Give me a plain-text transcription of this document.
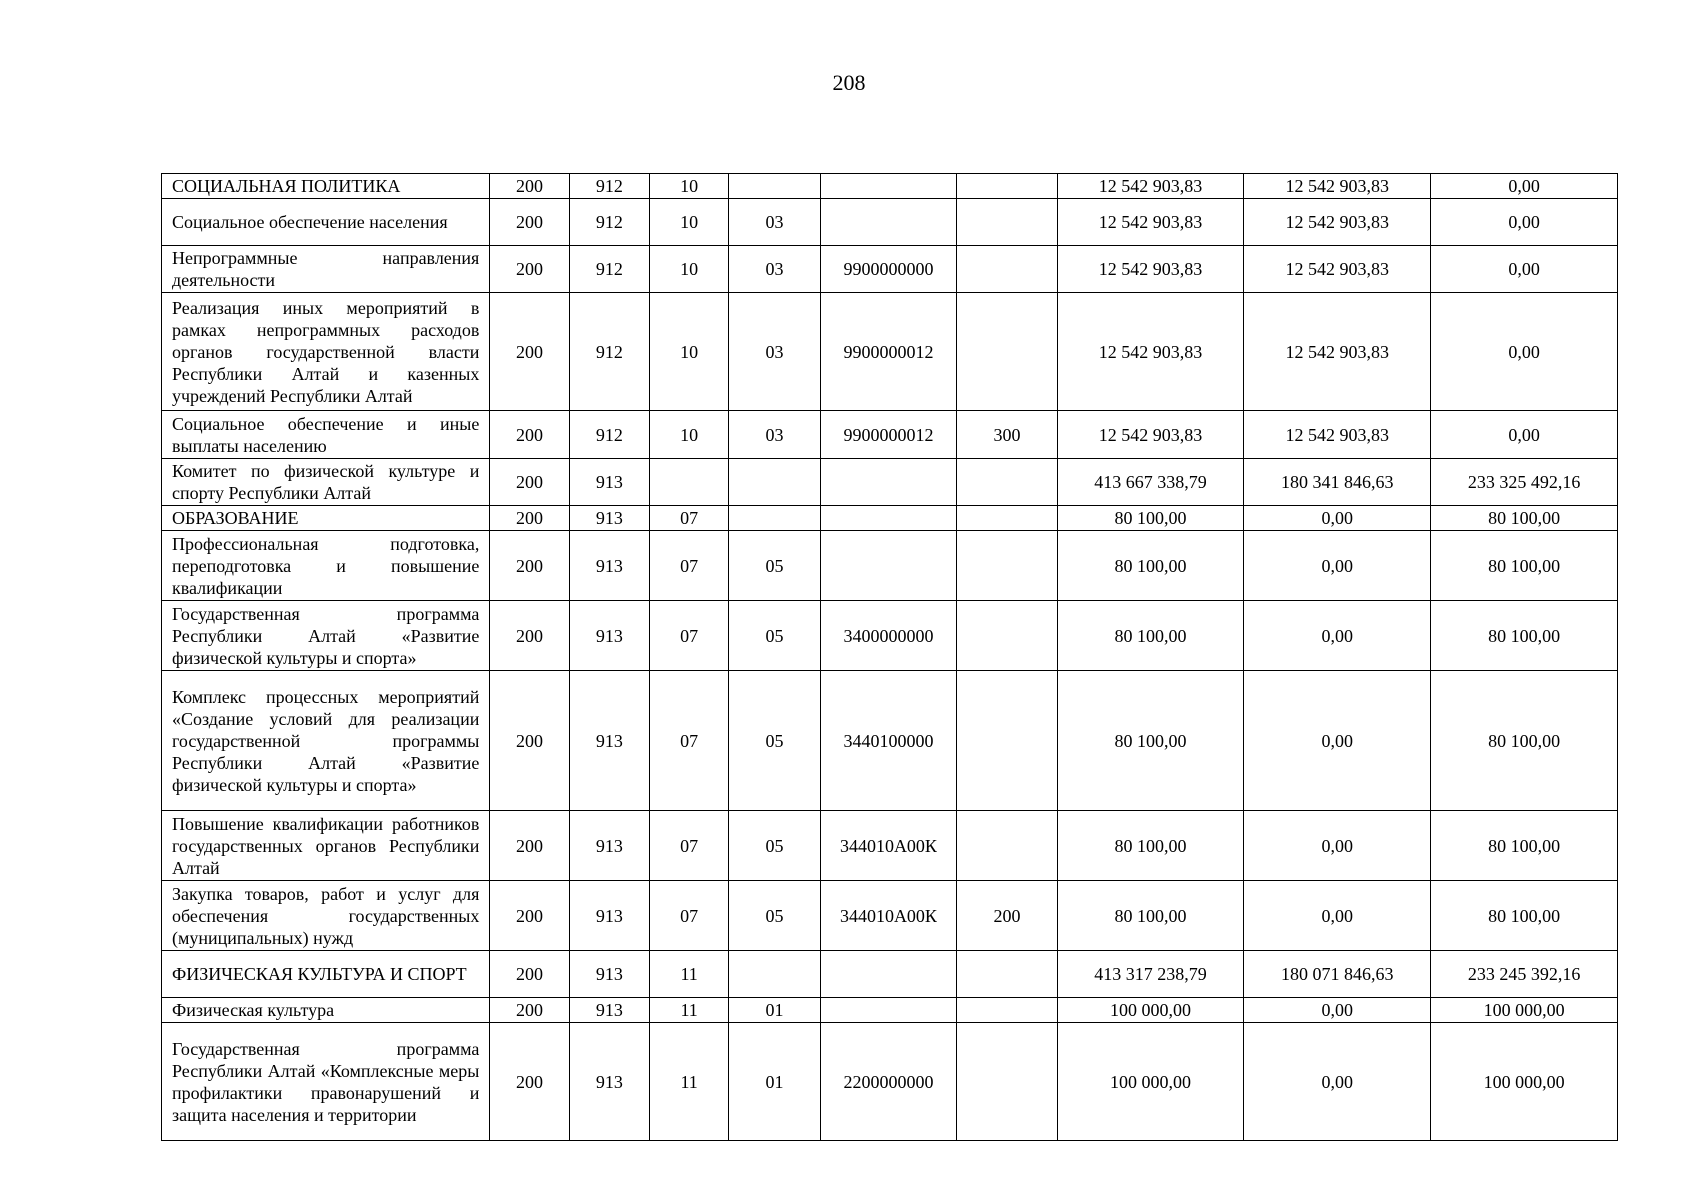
208
СОЦИАЛЬНАЯ ПОЛИТИКА	200	912	10				12 542 903,83	12 542 903,83	0,00
Социальное обеспечение населения	200	912	10	03			12 542 903,83	12 542 903,83	0,00
Непрограммные направления деятельности	200	912	10	03	9900000000		12 542 903,83	12 542 903,83	0,00
Реализация иных мероприятий в рамках непрограммных расходов органов государственной власти Республики Алтай и казенных учреждений Республики Алтай	200	912	10	03	9900000012		12 542 903,83	12 542 903,83	0,00
Социальное обеспечение и иные выплаты населению	200	912	10	03	9900000012	300	12 542 903,83	12 542 903,83	0,00
Комитет по физической культуре и спорту Республики Алтай	200	913					413 667 338,79	180 341 846,63	233 325 492,16
ОБРАЗОВАНИЕ	200	913	07				80 100,00	0,00	80 100,00
Профессиональная подготовка, переподготовка и повышение квалификации	200	913	07	05			80 100,00	0,00	80 100,00
Государственная программа Республики Алтай «Развитие физической культуры и спорта»	200	913	07	05	3400000000		80 100,00	0,00	80 100,00
Комплекс процессных мероприятий «Создание условий для реализации государственной программы Республики Алтай «Развитие физической культуры и спорта»	200	913	07	05	3440100000		80 100,00	0,00	80 100,00
Повышение квалификации работников государственных органов Республики Алтай	200	913	07	05	344010А00К		80 100,00	0,00	80 100,00
Закупка товаров, работ и услуг для обеспечения государственных (муниципальных) нужд	200	913	07	05	344010А00К	200	80 100,00	0,00	80 100,00
ФИЗИЧЕСКАЯ КУЛЬТУРА И СПОРТ	200	913	11				413 317 238,79	180 071 846,63	233 245 392,16
Физическая культура	200	913	11	01			100 000,00	0,00	100 000,00
Государственная программа Республики Алтай «Комплексные меры профилактики правонарушений и защита населения и территории	200	913	11	01	2200000000		100 000,00	0,00	100 000,00
